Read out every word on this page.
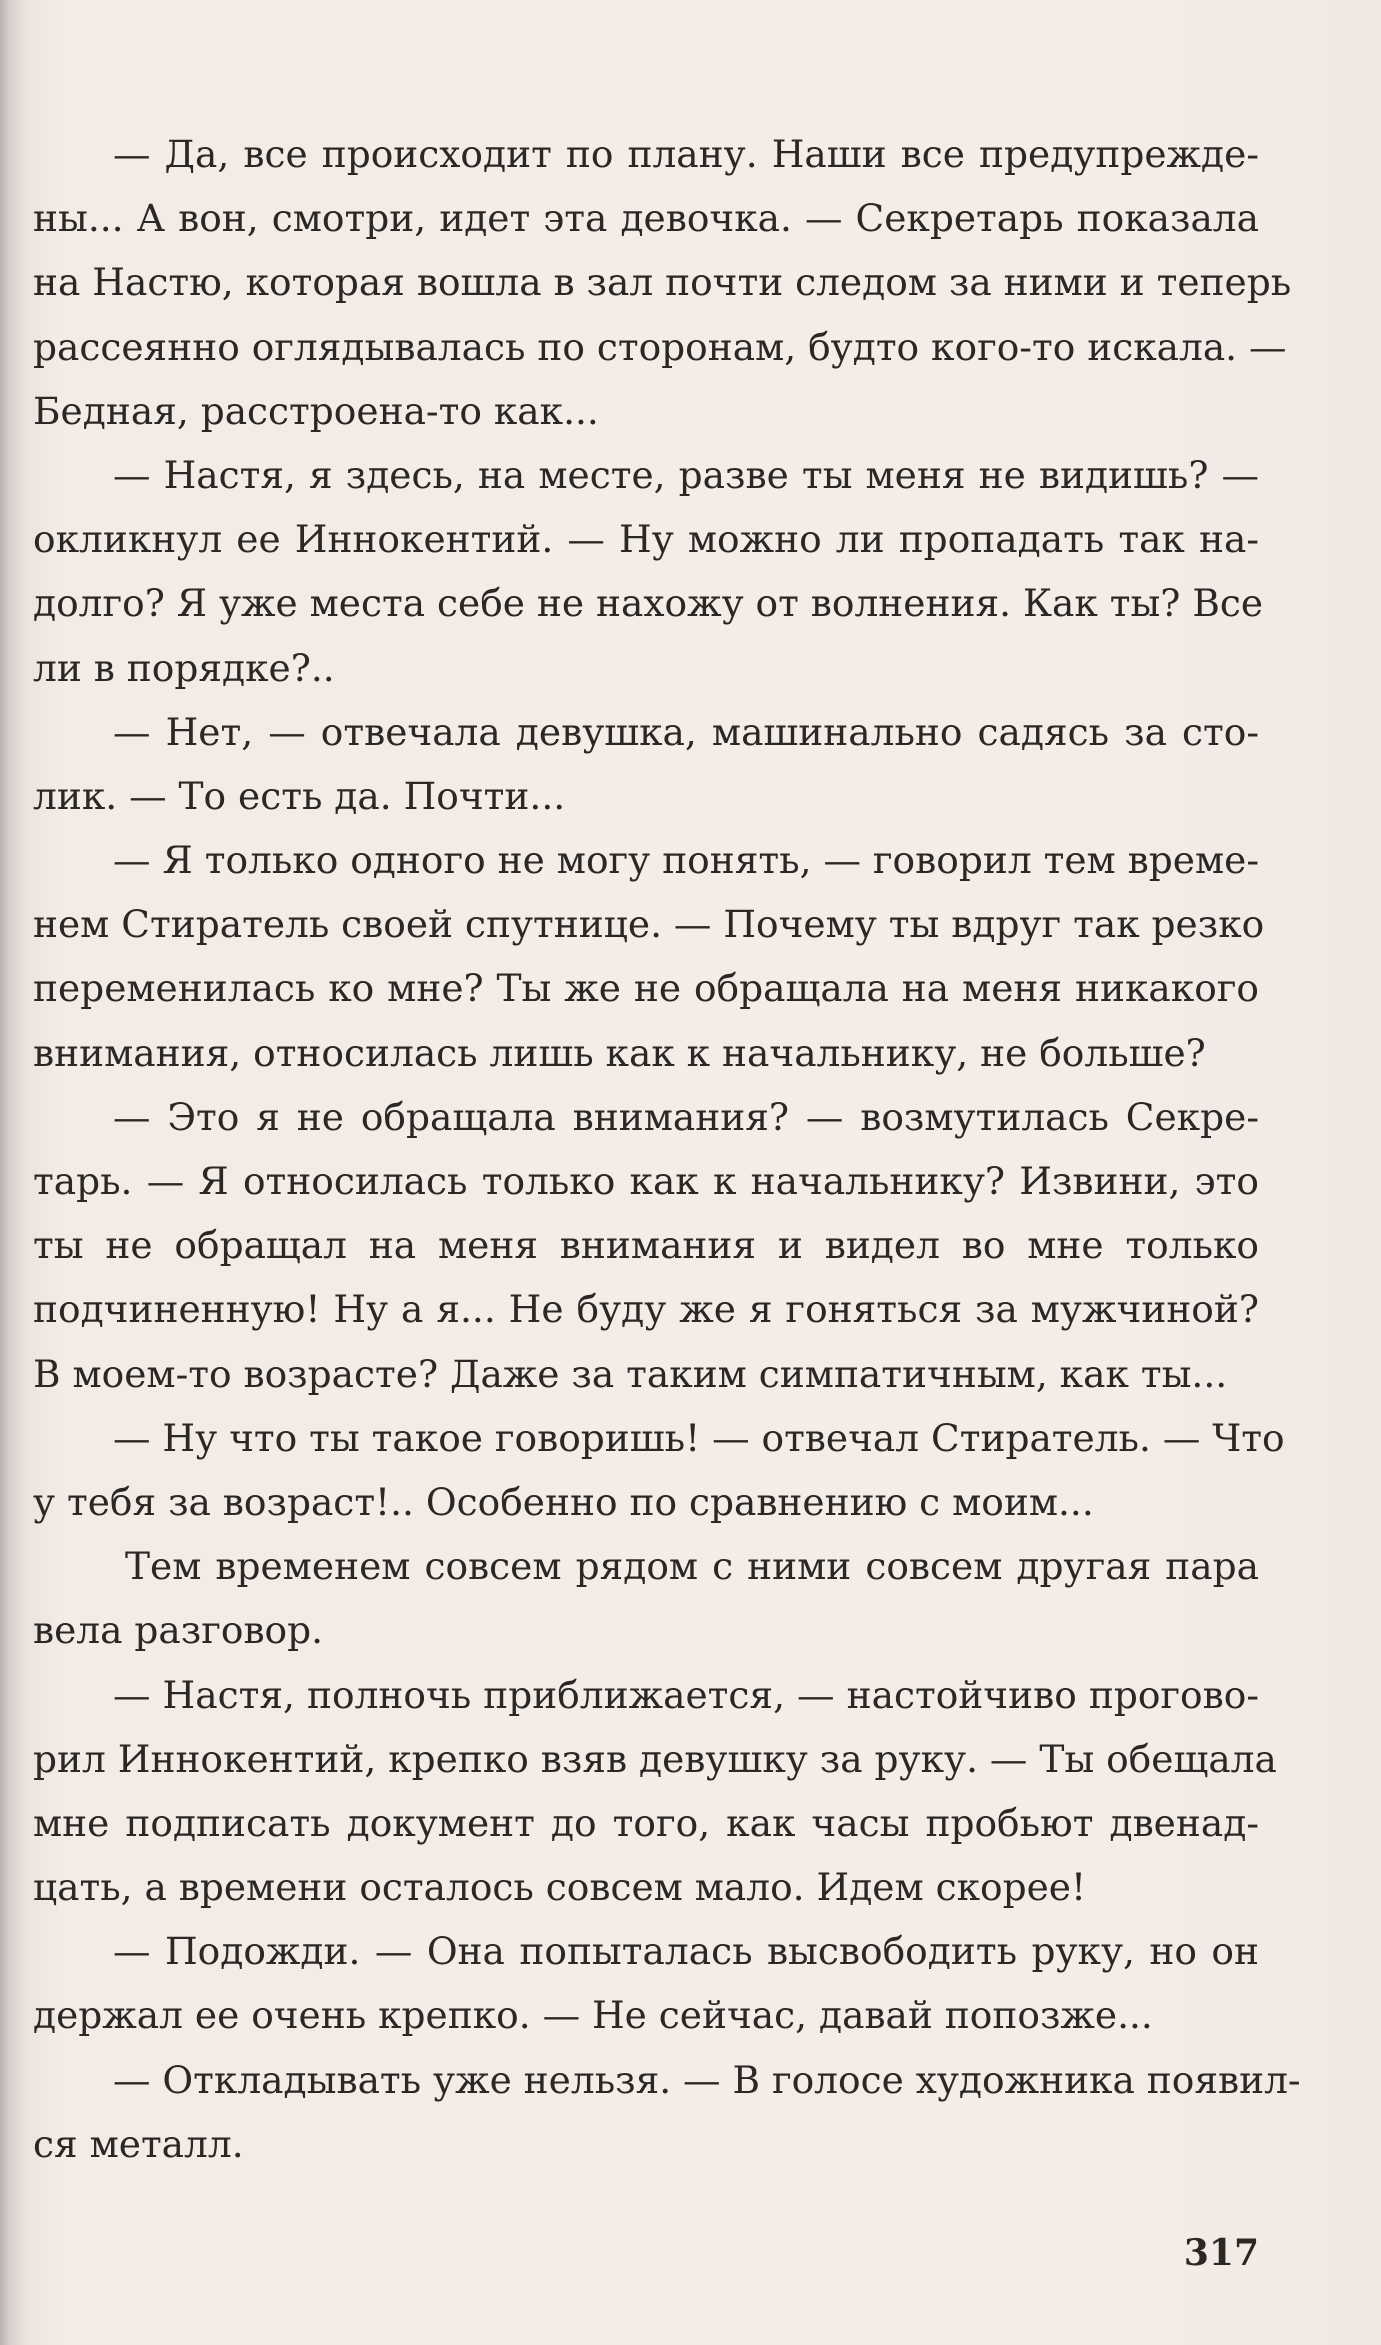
— Да, все происходит по плану. Наши все предупрежде-
ны... А вон, смотри, идет эта девочка. — Секретарь показала
на Настю, которая вошла в зал почти следом за ними и теперь
рассеянно оглядывалась по сторонам, будто кого-то искала. —
Бедная, расстроена-то как...
— Настя, я здесь, на месте, разве ты меня не видишь? —
окликнул ее Иннокентий. — Ну можно ли пропадать так на-
долго? Я уже места себе не нахожу от волнения. Как ты? Все
ли в порядке?..
— Нет, — отвечала девушка, машинально садясь за сто-
лик. — То есть да. Почти...
— Я только одного не могу понять, — говорил тем време-
нем Стиратель своей спутнице. — Почему ты вдруг так резко
переменилась ко мне? Ты же не обращала на меня никакого
внимания, относилась лишь как к начальнику, не больше?
— Это я не обращала внимания? — возмутилась Секре-
тарь. — Я относилась только как к начальнику? Извини, это
ты не обращал на меня внимания и видел во мне только
подчиненную! Ну а я... Не буду же я гоняться за мужчиной?
В моем-то возрасте? Даже за таким симпатичным, как ты...
— Ну что ты такое говоришь! — отвечал Стиратель. — Что
у тебя за возраст!.. Особенно по сравнению с моим...
Тем временем совсем рядом с ними совсем другая пара
вела разговор.
— Настя, полночь приближается, — настойчиво прогово-
рил Иннокентий, крепко взяв девушку за руку. — Ты обещала
мне подписать документ до того, как часы пробьют двенад-
цать, а времени осталось совсем мало. Идем скорее!
— Подожди. — Она попыталась высвободить руку, но он
держал ее очень крепко. — Не сейчас, давай попозже...
— Откладывать уже нельзя. — В голосе художника появил-
ся металл.
317
